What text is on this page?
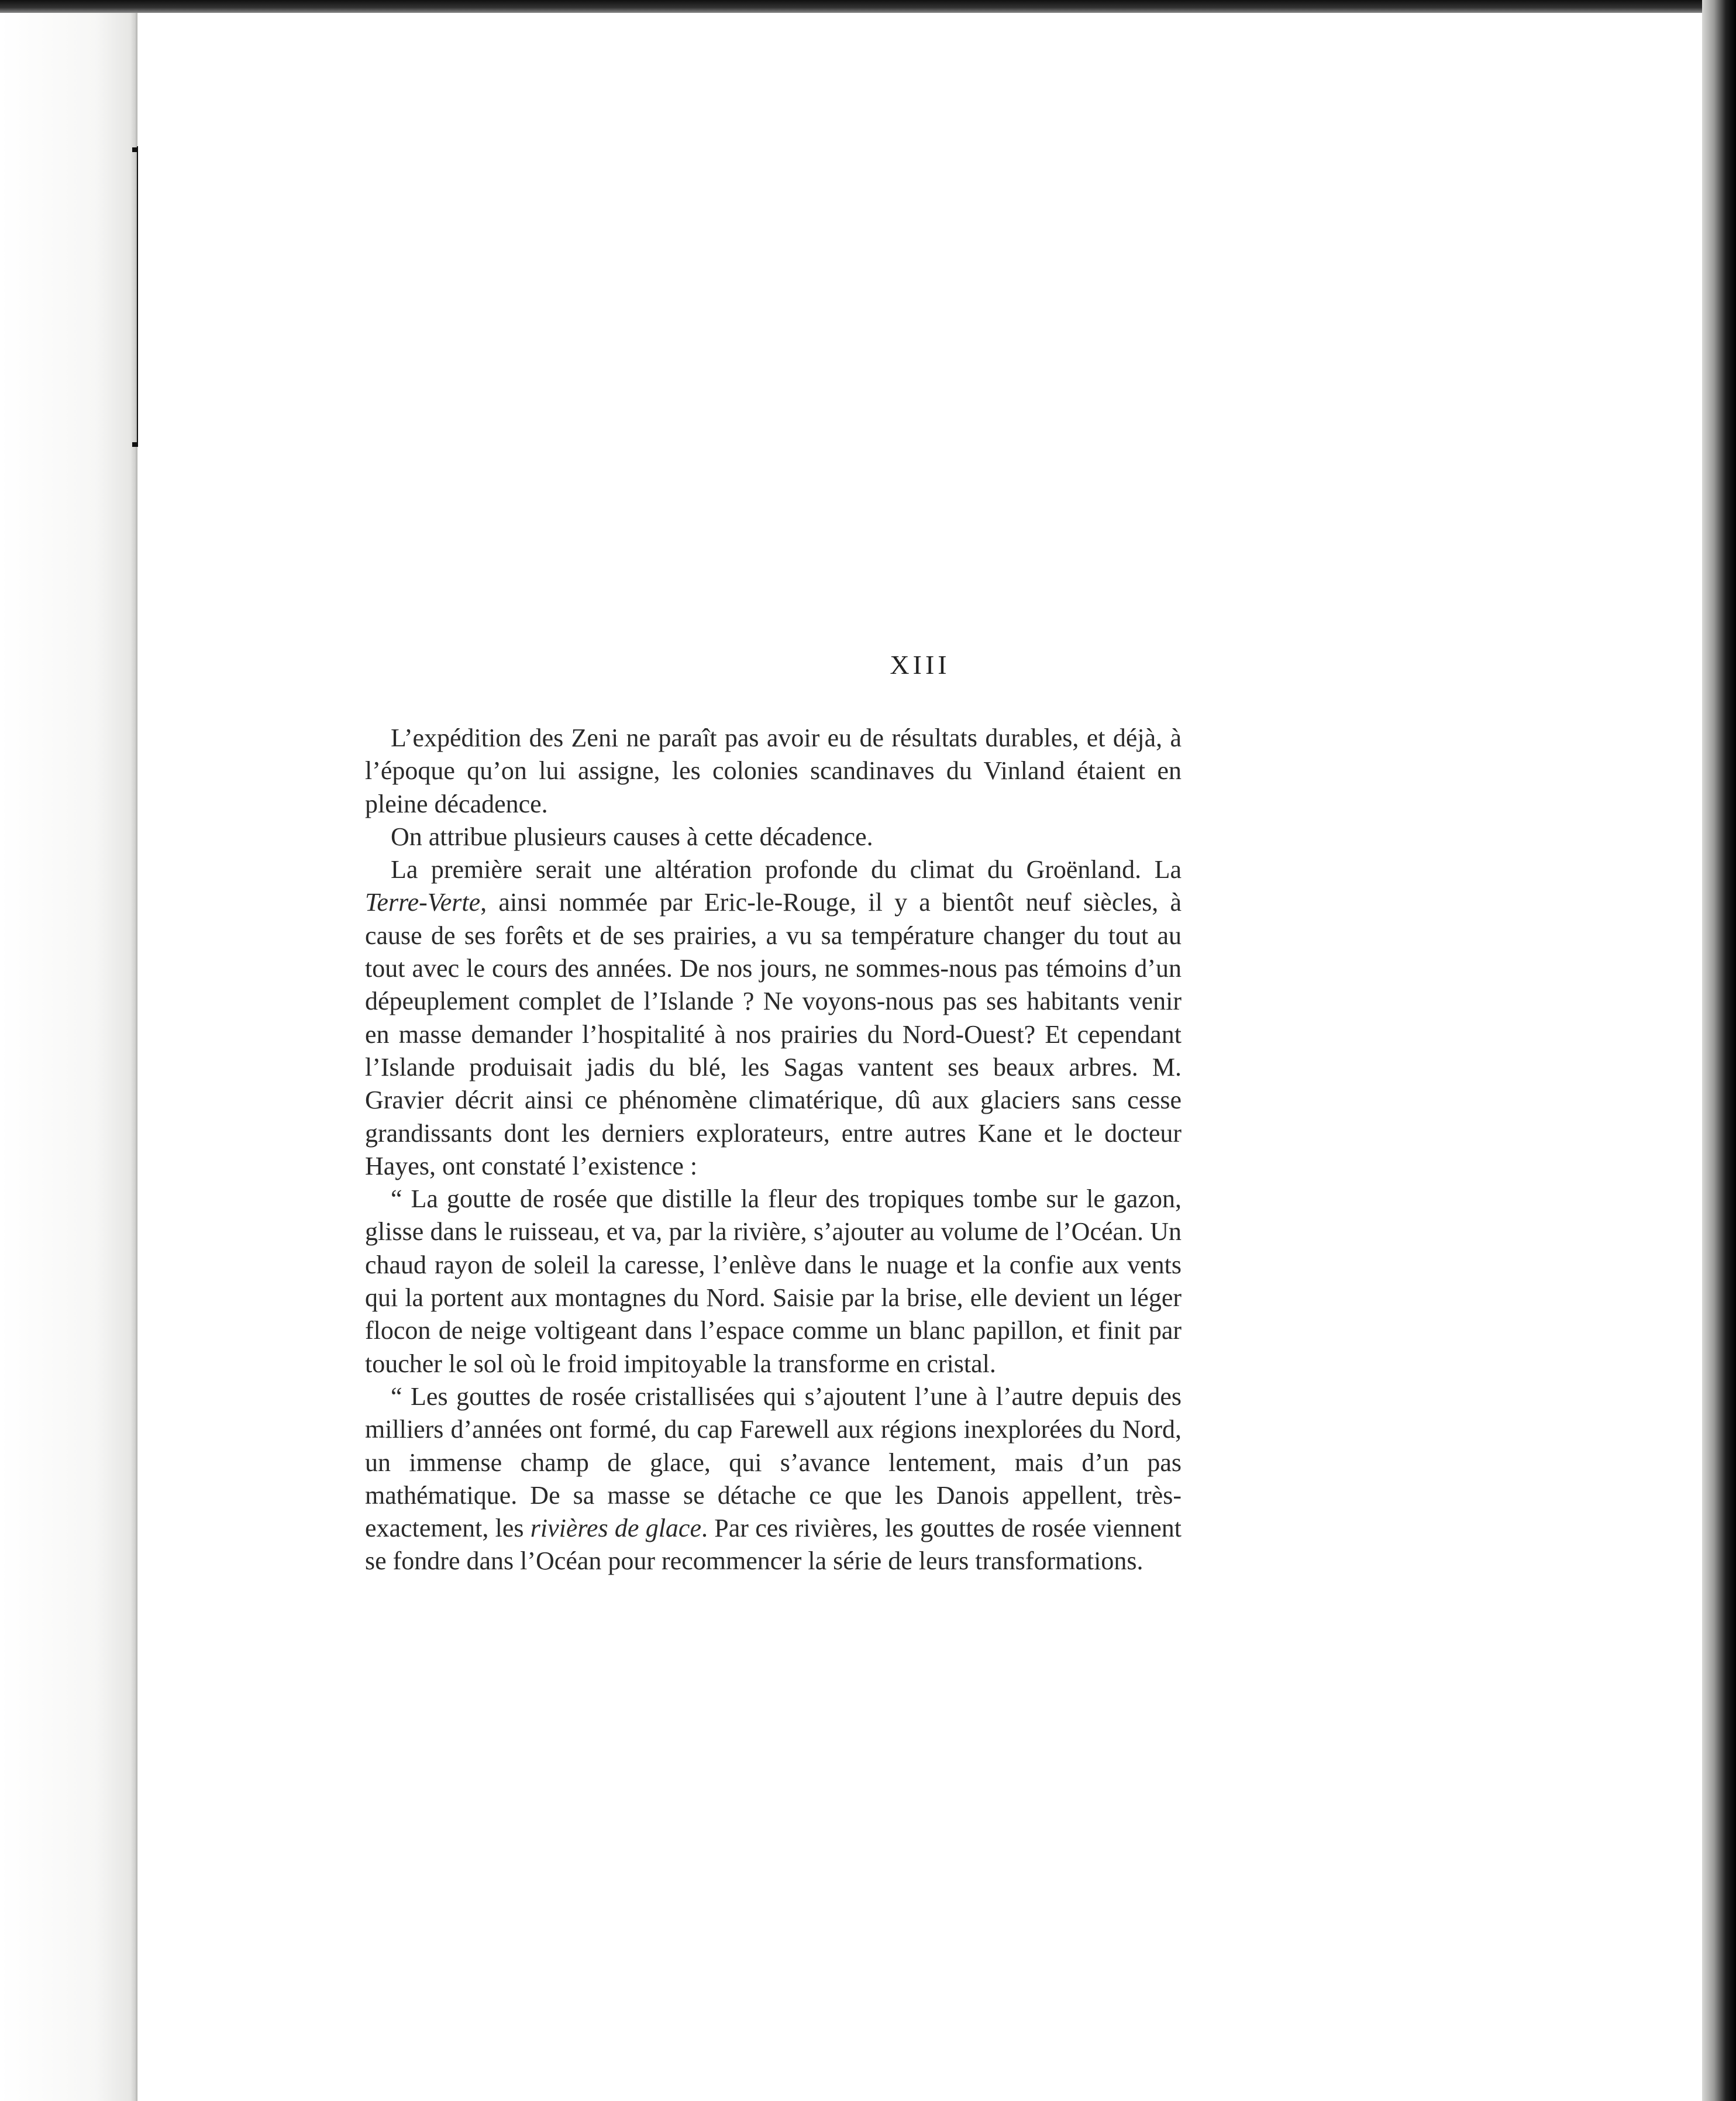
XIII

L’expédition des Zeni ne paraît pas avoir eu de résultats durables, et déjà, à l’époque qu’on lui assigne, les colonies scandinaves du Vinland étaient en pleine décadence.

On attribue plusieurs causes à cette décadence.

La première serait une altération profonde du climat du Groënland. La Terre-Verte, ainsi nommée par Eric-le-Rouge, il y a bientôt neuf siècles, à cause de ses forêts et de ses prairies, a vu sa température changer du tout au tout avec le cours des années. De nos jours, ne sommes-nous pas témoins d’un dépeuplement complet de l’Islande ? Ne voyons-nous pas ses habitants venir en masse demander l’hospitalité à nos prairies du Nord-Ouest? Et cependant l’Islande produisait jadis du blé, les Sagas vantent ses beaux arbres. M. Gravier décrit ainsi ce phénomène climatérique, dû aux glaciers sans cesse grandissants dont les derniers explorateurs, entre autres Kane et le docteur Hayes, ont constaté l’existence :

“ La goutte de rosée que distille la fleur des tropiques tombe sur le gazon, glisse dans le ruisseau, et va, par la rivière, s’ajouter au volume de l’Océan. Un chaud rayon de soleil la caresse, l’enlève dans le nuage et la confie aux vents qui la portent aux montagnes du Nord. Saisie par la brise, elle devient un léger flocon de neige voltigeant dans l’espace comme un blanc papillon, et finit par toucher le sol où le froid impitoyable la transforme en cristal.

“ Les gouttes de rosée cristallisées qui s’ajoutent l’une à l’autre depuis des milliers d’années ont formé, du cap Farewell aux régions inexplorées du Nord, un immense champ de glace, qui s’avance lentement, mais d’un pas mathématique. De sa masse se détache ce que les Danois appellent, très-exactement, les rivières de glace. Par ces rivières, les gouttes de rosée viennent se fondre dans l’Océan pour recommencer la série de leurs transformations.
